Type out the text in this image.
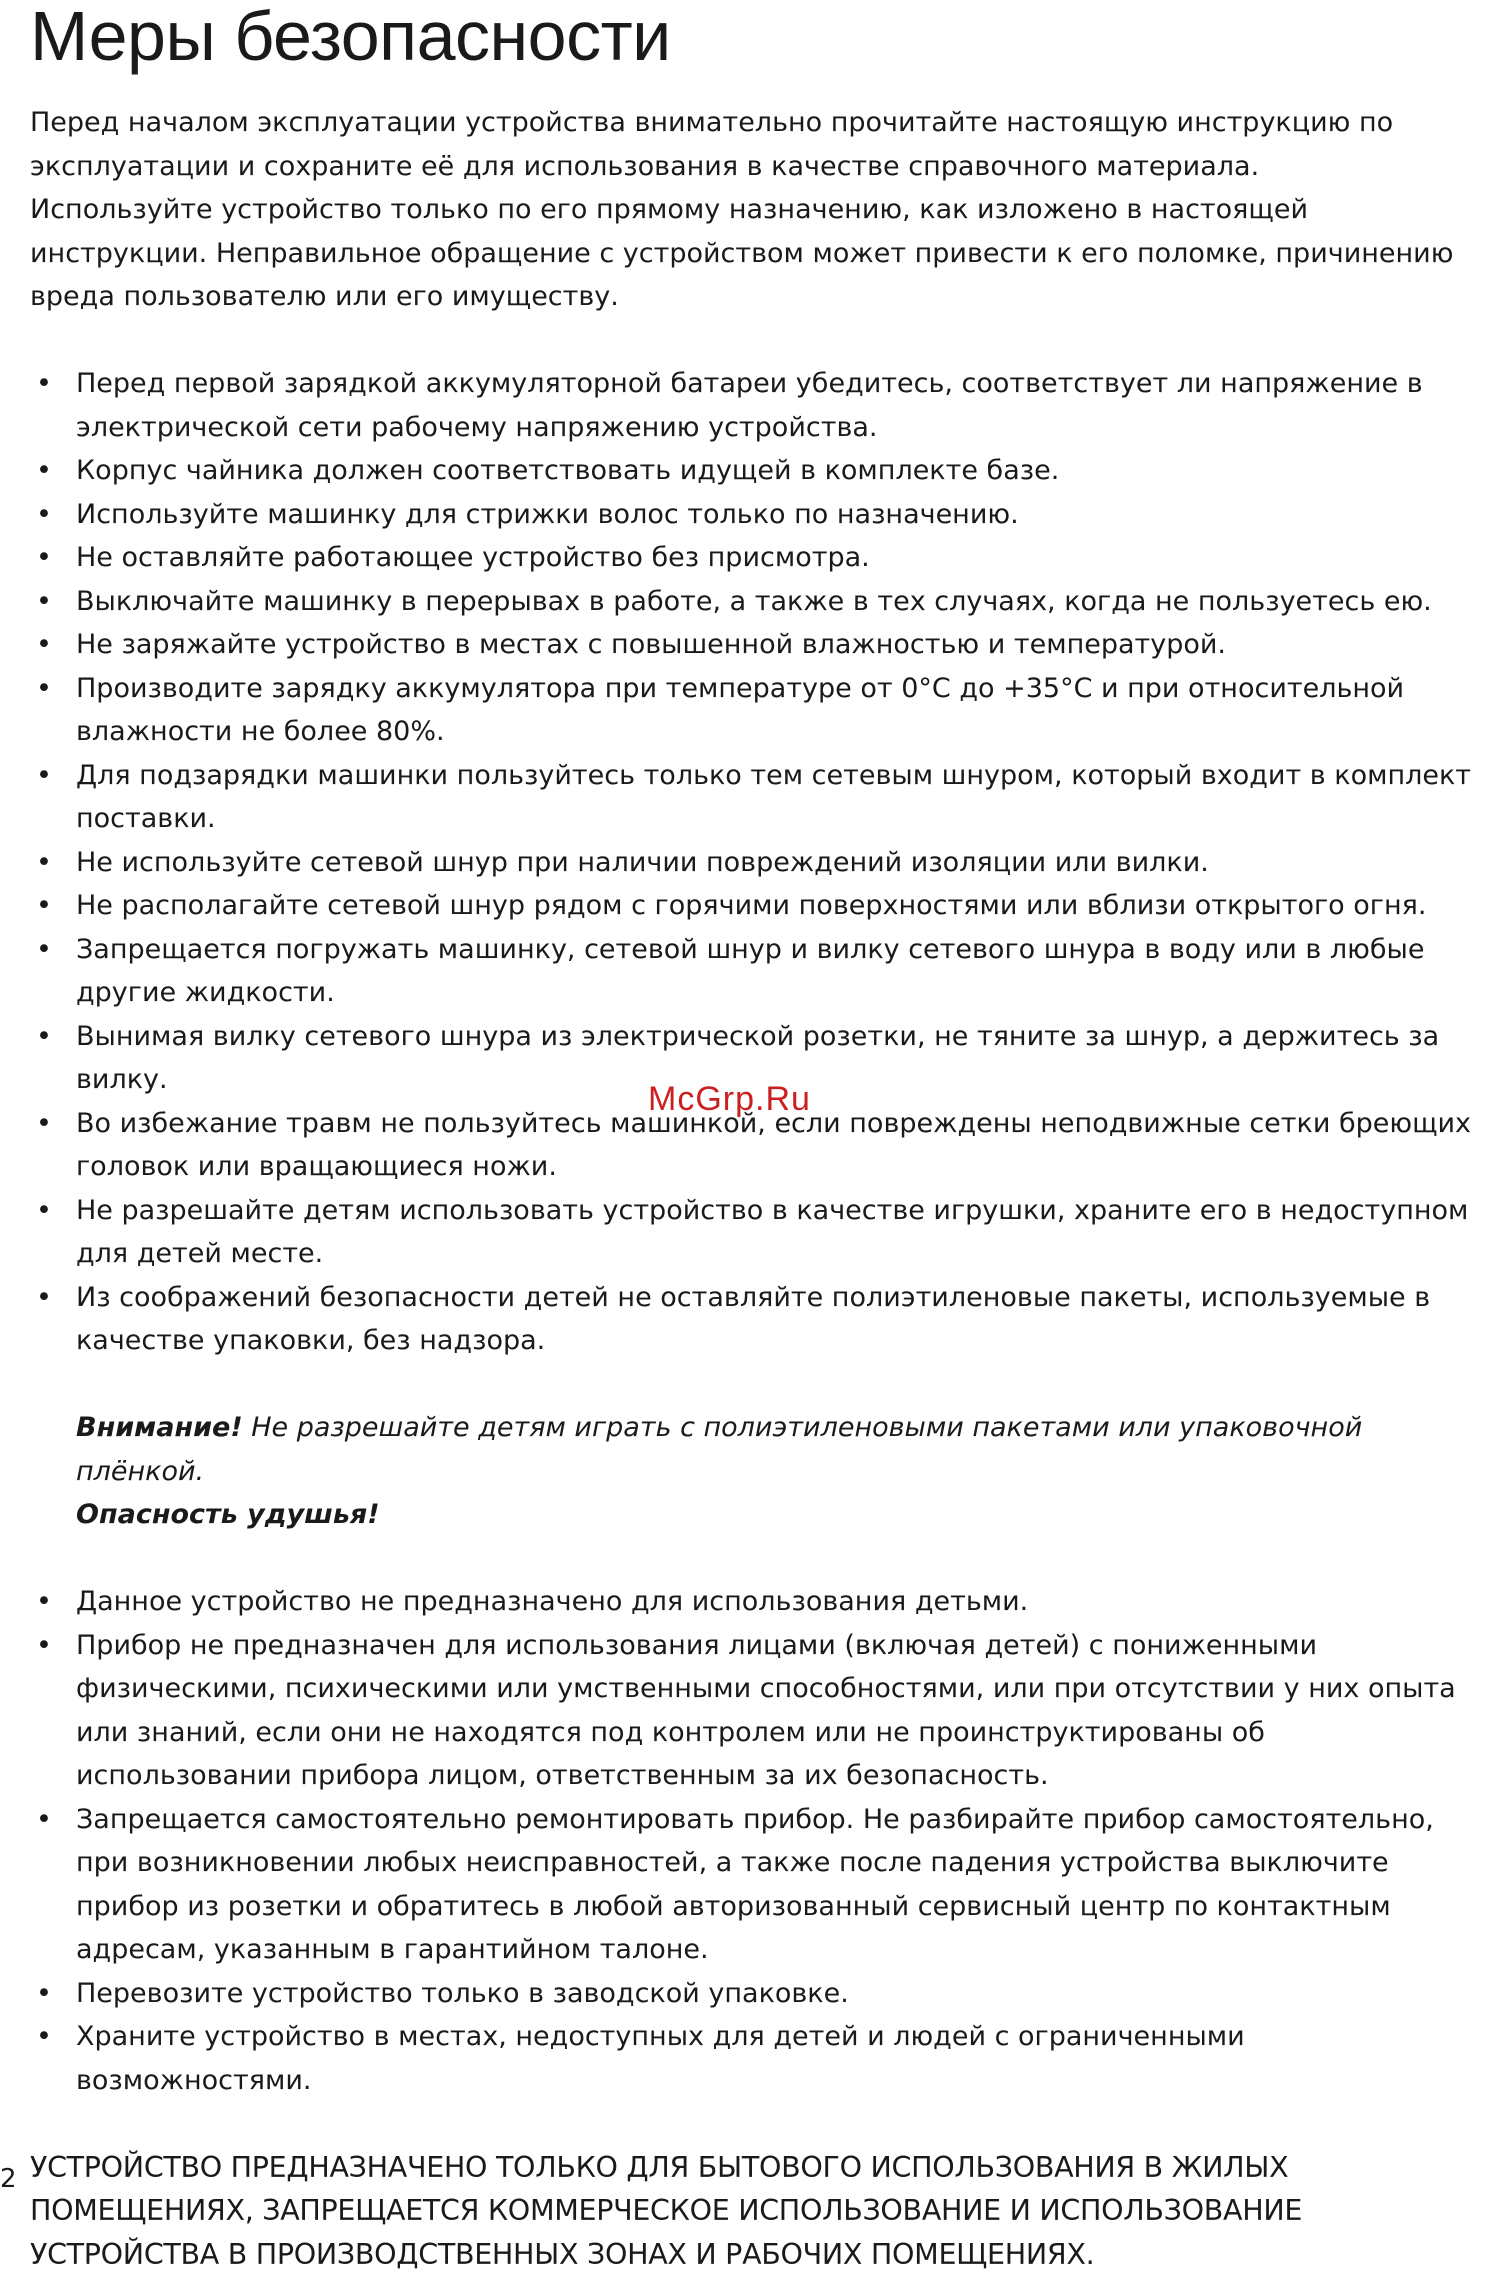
Меры безопасности

Перед началом эксплуатации устройства внимательно прочитайте настоящую инструкцию по эксплуатации и сохраните её для использования в качестве справочного материала.

Используйте устройство только по его прямому назначению, как изложено в настоящей инструкции. Неправильное обращение с устройством может привести к его поломке, причинению вреда пользователю или его имуществу.

• Перед первой зарядкой аккумуляторной батареи убедитесь, соответствует ли напряжение в электрической сети рабочему напряжению устройства.
• Корпус чайника должен соответствовать идущей в комплекте базе.
• Используйте машинку для стрижки волос только по назначению.
• Не оставляйте работающее устройство без присмотра.
• Выключайте машинку в перерывах в работе, а также в тех случаях, когда не пользуетесь ею.
• Не заряжайте устройство в местах с повышенной влажностью и температурой.
• Производите зарядку аккумулятора при температуре от 0°С до +35°С и при относительной влажности не более 80%.
• Для подзарядки машинки пользуйтесь только тем сетевым шнуром, который входит в комплект поставки.
• Не используйте сетевой шнур при наличии повреждений изоляции или вилки.
• Не располагайте сетевой шнур рядом с горячими поверхностями или вблизи открытого огня.
• Запрещается погружать машинку, сетевой шнур и вилку сетевого шнура в воду или в любые другие жидкости.
• Вынимая вилку сетевого шнура из электрической розетки, не тяните за шнур, а держитесь за вилку.
• Во избежание травм не пользуйтесь машинкой, если повреждены неподвижные сетки бреющих головок или вращающиеся ножи.
• Не разрешайте детям использовать устройство в качестве игрушки, храните его в недоступном для детей месте.
• Из соображений безопасности детей не оставляйте полиэтиленовые пакеты, используемые в качестве упаковки, без надзора.

Внимание! Не разрешайте детям играть с полиэтиленовыми пакетами или упаковочной плёнкой.
Опасность удушья!

• Данное устройство не предназначено для использования детьми.
• Прибор не предназначен для использования лицами (включая детей) с пониженными физическими, психическими или умственными способностями, или при отсутствии у них опыта или знаний, если они не находятся под контролем или не проинструктированы об использовании прибора лицом, ответственным за их безопасность.
• Запрещается самостоятельно ремонтировать прибор. Не разбирайте прибор самостоятельно, при возникновении любых неисправностей, а также после падения устройства выключите прибор из розетки и обратитесь в любой авторизованный сервисный центр по контактным адресам, указанным в гарантийном талоне.
• Перевозите устройство только в заводской упаковке.
• Храните устройство в местах, недоступных для детей и людей с ограниченными возможностями.

УСТРОЙСТВО ПРЕДНАЗНАЧЕНО ТОЛЬКО ДЛЯ БЫТОВОГО ИСПОЛЬЗОВАНИЯ В ЖИЛЫХ ПОМЕЩЕНИЯХ, ЗАПРЕЩАЕТСЯ КОММЕРЧЕСКОЕ ИСПОЛЬЗОВАНИЕ И ИСПОЛЬЗОВАНИЕ УСТРОЙСТВА В ПРОИЗВОДСТВЕННЫХ ЗОНАХ И РАБОЧИХ ПОМЕЩЕНИЯХ.

McGrp.Ru
2
